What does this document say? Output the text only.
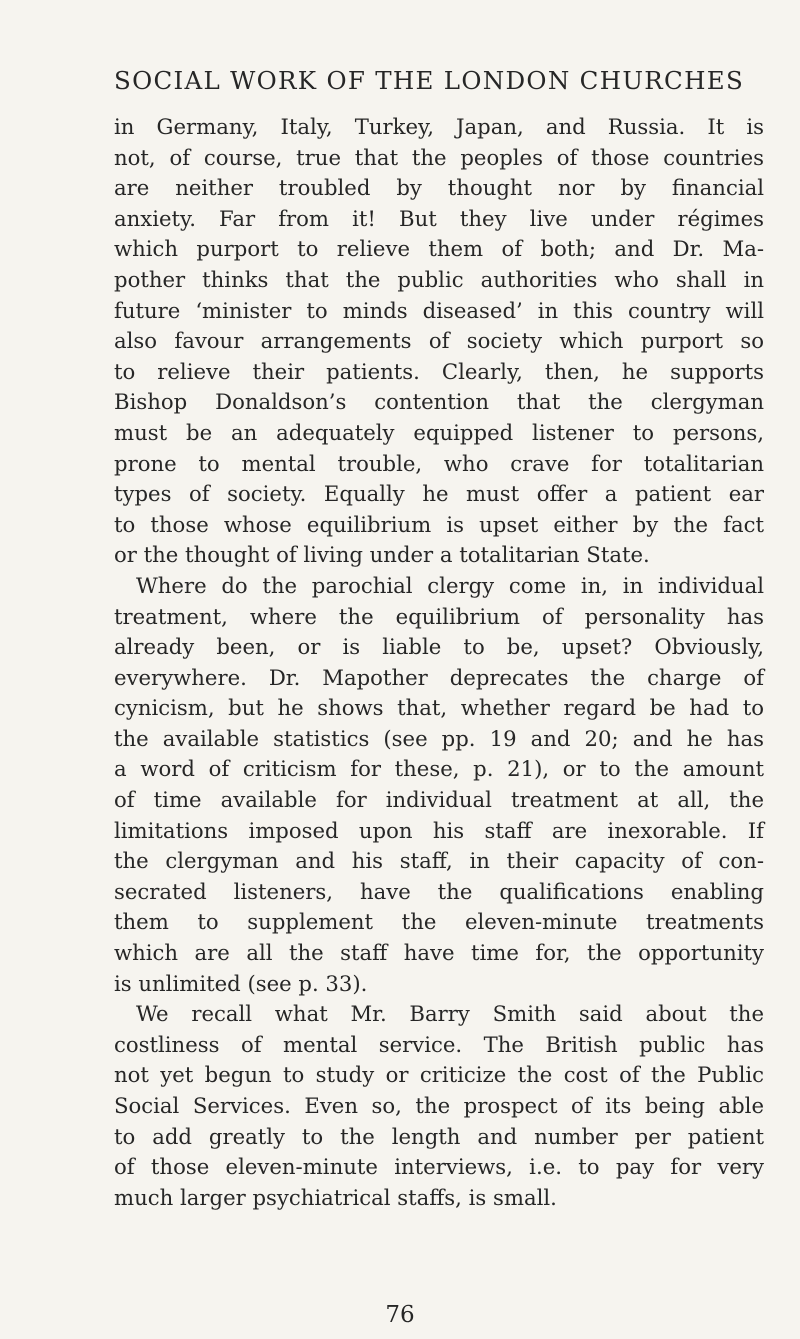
SOCIAL WORK OF THE LONDON CHURCHES
in Germany, Italy, Turkey, Japan, and Russia. It is
not, of course, true that the peoples of those countries
are neither troubled by thought nor by financial
anxiety. Far from it! But they live under régimes
which purport to relieve them of both; and Dr. Ma-
pother thinks that the public authorities who shall in
future ‘minister to minds diseased’ in this country will
also favour arrangements of society which purport so
to relieve their patients. Clearly, then, he supports
Bishop Donaldson’s contention that the clergyman
must be an adequately equipped listener to persons,
prone to mental trouble, who crave for totalitarian
types of society. Equally he must offer a patient ear
to those whose equilibrium is upset either by the fact
or the thought of living under a totalitarian State.
Where do the parochial clergy come in, in individual
treatment, where the equilibrium of personality has
already been, or is liable to be, upset? Obviously,
everywhere. Dr. Mapother deprecates the charge of
cynicism, but he shows that, whether regard be had to
the available statistics (see pp. 19 and 20; and he has
a word of criticism for these, p. 21), or to the amount
of time available for individual treatment at all, the
limitations imposed upon his staff are inexorable. If
the clergyman and his staff, in their capacity of con-
secrated listeners, have the qualifications enabling
them to supplement the eleven-minute treatments
which are all the staff have time for, the opportunity
is unlimited (see p. 33).
We recall what Mr. Barry Smith said about the
costliness of mental service. The British public has
not yet begun to study or criticize the cost of the Public
Social Services. Even so, the prospect of its being able
to add greatly to the length and number per patient
of those eleven-minute interviews, i.e. to pay for very
much larger psychiatrical staffs, is small.
76
